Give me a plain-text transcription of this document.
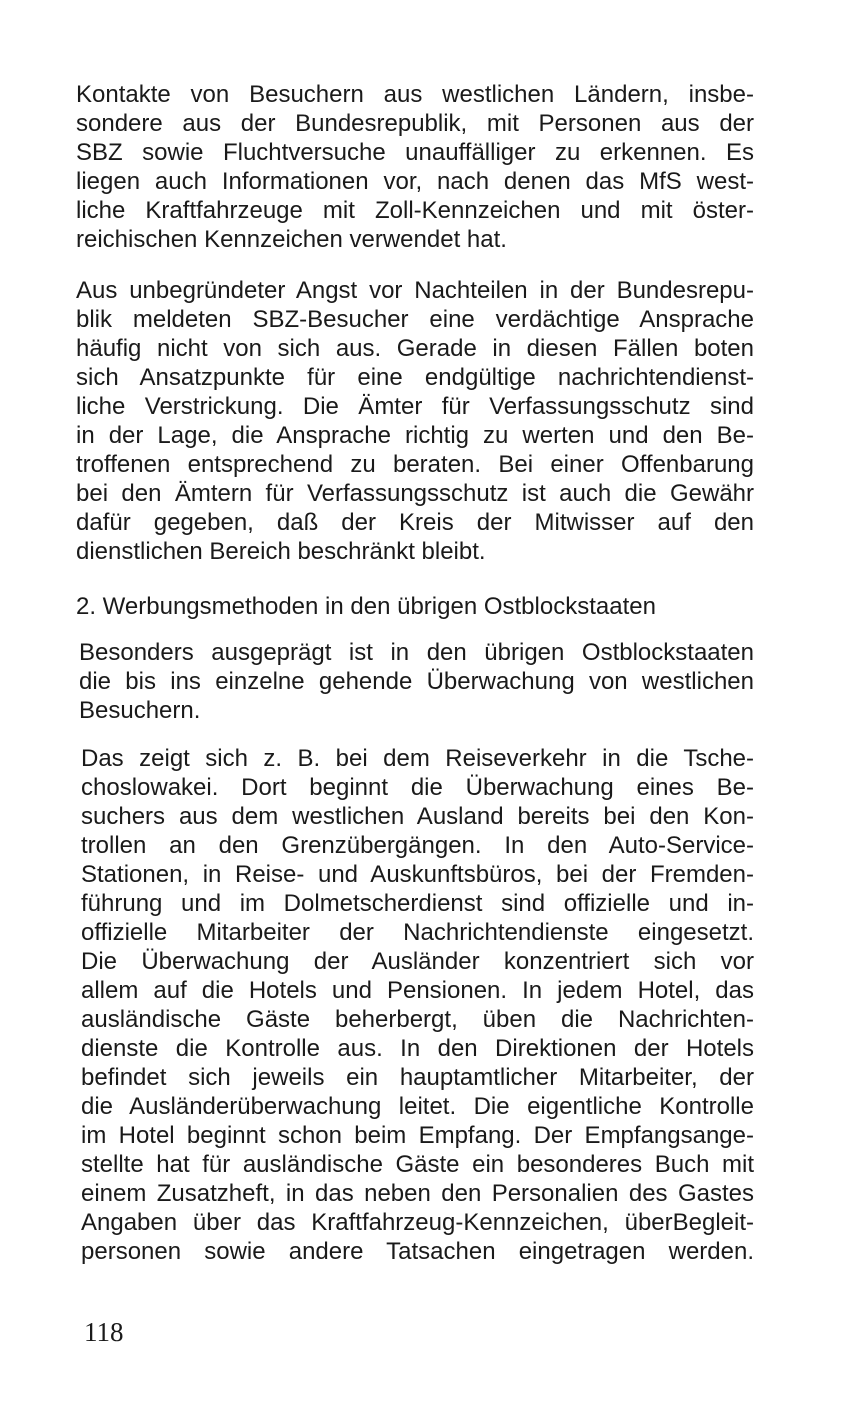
Kontakte von Besuchern aus westlichen Ländern, insbe-
sondere aus der Bundesrepublik, mit Personen aus der
SBZ sowie Fluchtversuche unauffälliger zu erkennen. Es
liegen auch Informationen vor, nach denen das MfS west-
liche Kraftfahrzeuge mit Zoll-Kennzeichen und mit öster-
reichischen Kennzeichen verwendet hat.

Aus unbegründeter Angst vor Nachteilen in der Bundesrepu-
blik meldeten SBZ-Besucher eine verdächtige Ansprache
häufig nicht von sich aus. Gerade in diesen Fällen boten
sich Ansatzpunkte für eine endgültige nachrichtendienst-
liche Verstrickung. Die Ämter für Verfassungsschutz sind
in der Lage, die Ansprache richtig zu werten und den Be-
troffenen entsprechend zu beraten. Bei einer Offenbarung
bei den Ämtern für Verfassungsschutz ist auch die Gewähr
dafür gegeben, daß der Kreis der Mitwisser auf den
dienstlichen Bereich beschränkt bleibt.

2. Werbungsmethoden in den übrigen Ostblockstaaten

Besonders ausgeprägt ist in den übrigen Ostblockstaaten
die bis ins einzelne gehende Überwachung von westlichen
Besuchern.

Das zeigt sich z. B. bei dem Reiseverkehr in die Tsche-
choslowakei. Dort beginnt die Überwachung eines Be-
suchers aus dem westlichen Ausland bereits bei den Kon-
trollen an den Grenzübergängen. In den Auto-Service-
Stationen, in Reise- und Auskunftsbüros, bei der Fremden-
führung und im Dolmetscherdienst sind offizielle und in-
offizielle Mitarbeiter der Nachrichtendienste eingesetzt.
Die Überwachung der Ausländer konzentriert sich vor
allem auf die Hotels und Pensionen. In jedem Hotel, das
ausländische Gäste beherbergt, üben die Nachrichten-
dienste die Kontrolle aus. In den Direktionen der Hotels
befindet sich jeweils ein hauptamtlicher Mitarbeiter, der
die Ausländerüberwachung leitet. Die eigentliche Kontrolle
im Hotel beginnt schon beim Empfang. Der Empfangsange-
stellte hat für ausländische Gäste ein besonderes Buch mit
einem Zusatzheft, in das neben den Personalien des Gastes
Angaben über das Kraftfahrzeug-Kennzeichen, überBegleit-
personen sowie andere Tatsachen eingetragen werden.

118
